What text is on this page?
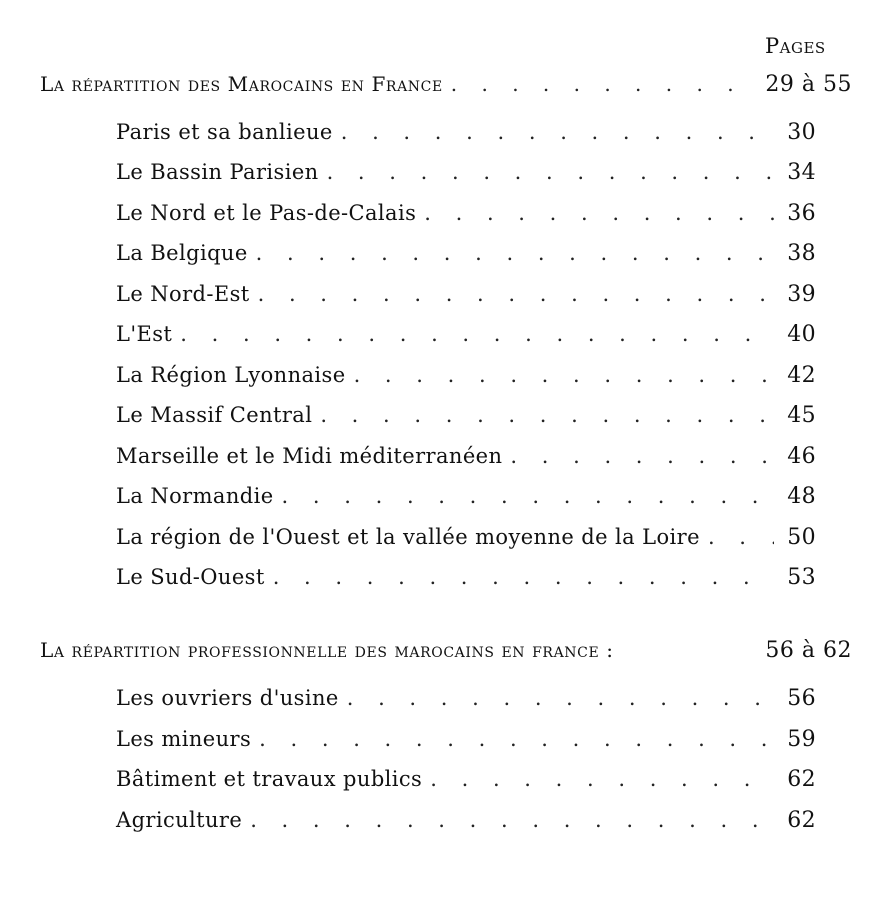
Pages
La répartition des Marocains en France . . .	29 à 55
Paris et sa banlieue . . .	30
Le Bassin Parisien . . .	34
Le Nord et le Pas-de-Calais . . .	36
La Belgique . . .	38
Le Nord-Est . . .	39
L'Est . . .	40
La Région Lyonnaise . . .	42
Le Massif Central . . .	45
Marseille et le Midi méditerranéen . . .	46
La Normandie . . .	48
La région de l'Ouest et la vallée moyenne de la Loire . . .	50
Le Sud-Ouest . . .	53
La répartition professionnelle des marocains en france :	56 à 62
Les ouvriers d'usine . . .	56
Les mineurs . . .	59
Bâtiment et travaux publics . . .	62
Agriculture . . .	62
